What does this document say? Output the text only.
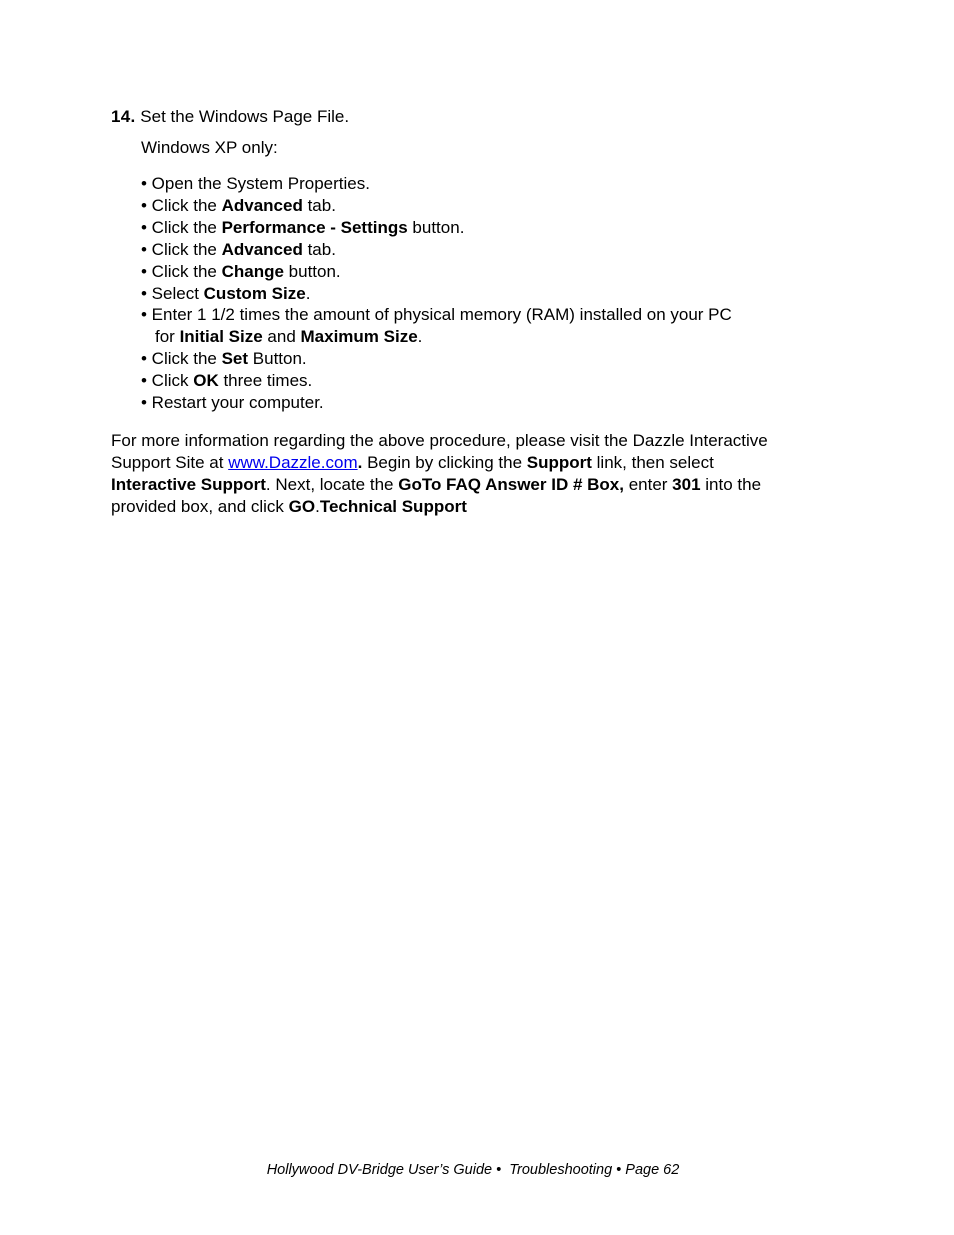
14. Set the Windows Page File.
Windows XP only:
• Open the System Properties.
• Click the Advanced tab.
• Click the Performance - Settings button.
• Click the Advanced tab.
• Click the Change button.
• Select Custom Size.
• Enter 1 1/2 times the amount of physical memory (RAM) installed on your PC
for Initial Size and Maximum Size.
• Click the Set Button.
• Click OK three times.
• Restart your computer.

For more information regarding the above procedure, please visit the Dazzle Interactive
Support Site at www.Dazzle.com. Begin by clicking the Support link, then select
Interactive Support. Next, locate the GoTo FAQ Answer ID # Box, enter 301 into the
provided box, and click GO.Technical Support

Hollywood DV-Bridge User’s Guide •  Troubleshooting • Page 62
